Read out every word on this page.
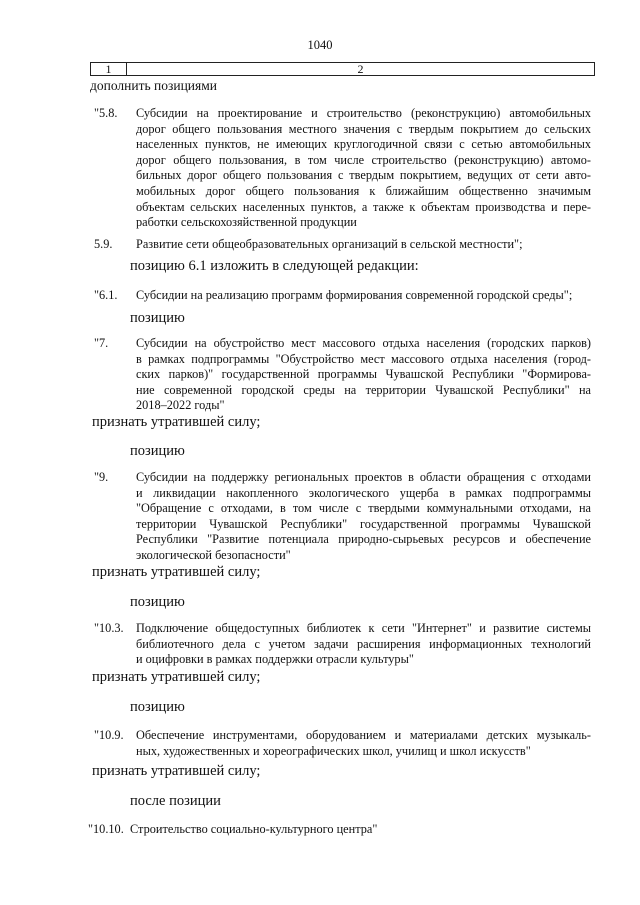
1040
1	2
дополнить позициями
"5.8. Субсидии на проектирование и строительство (реконструкцию) автомобильных
дорог общего пользования местного значения с твердым покрытием до сельских
населенных пунктов, не имеющих круглогодичной связи с сетью автомобильных
дорог общего пользования, в том числе строительство (реконструкцию) автомо-
бильных дорог общего пользования с твердым покрытием, ведущих от сети авто-
мобильных дорог общего пользования к ближайшим общественно значимым
объектам сельских населенных пунктов, а также к объектам производства и пере-
работки сельскохозяйственной продукции
5.9. Развитие сети общеобразовательных организаций в сельской местности";
позицию 6.1 изложить в следующей редакции:
"6.1. Субсидии на реализацию программ формирования современной городской среды";
позицию
"7. Субсидии на обустройство мест массового отдыха населения (городских парков)
в рамках подпрограммы "Обустройство мест массового отдыха населения (город-
ских парков)" государственной программы Чувашской Республики "Формирова-
ние современной городской среды на территории Чувашской Республики" на
2018–2022 годы"
признать утратившей силу;
позицию
"9. Субсидии на поддержку региональных проектов в области обращения с отходами
и ликвидации накопленного экологического ущерба в рамках подпрограммы
"Обращение с отходами, в том числе с твердыми коммунальными отходами, на
территории Чувашской Республики" государственной программы Чувашской
Республики "Развитие потенциала природно-сырьевых ресурсов и обеспечение
экологической безопасности"
признать утратившей силу;
позицию
"10.3. Подключение общедоступных библиотек к сети "Интернет" и развитие системы
библиотечного дела с учетом задачи расширения информационных технологий
и оцифровки в рамках поддержки отрасли культуры"
признать утратившей силу;
позицию
"10.9. Обеспечение инструментами, оборудованием и материалами детских музыкаль-
ных, художественных и хореографических школ, училищ и школ искусств"
признать утратившей силу;
после позиции
"10.10. Строительство социально-культурного центра"
